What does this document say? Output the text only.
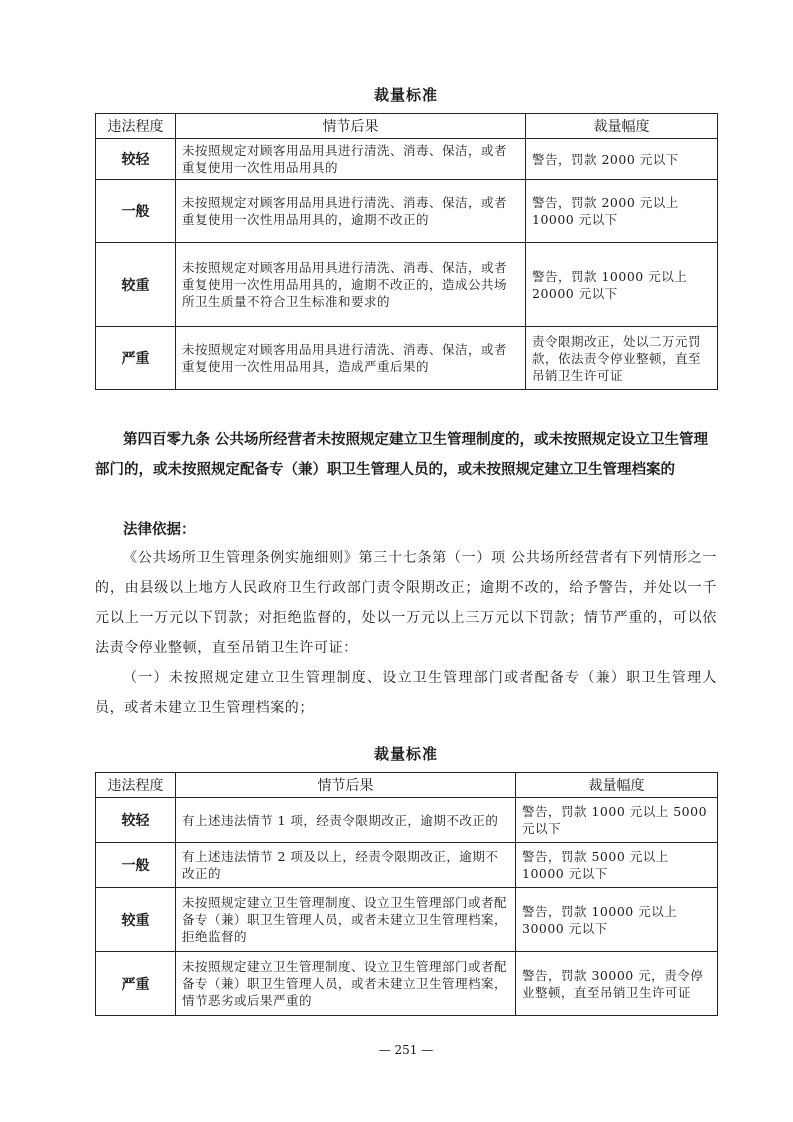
裁量标准
违法程度	情节后果	裁量幅度
较轻	未按照规定对顾客用品用具进行清洗、消毒、保洁，或者重复使用一次性用品用具的	警告，罚款 2000 元以下
一般	未按照规定对顾客用品用具进行清洗、消毒、保洁，或者重复使用一次性用品用具的，逾期不改正的	警告，罚款 2000 元以上 10000 元以下
较重	未按照规定对顾客用品用具进行清洗、消毒、保洁，或者重复使用一次性用品用具的，逾期不改正的，造成公共场所卫生质量不符合卫生标准和要求的	警告，罚款 10000 元以上 20000 元以下
严重	未按照规定对顾客用品用具进行清洗、消毒、保洁，或者重复使用一次性用品用具，造成严重后果的	责令限期改正，处以二万元罚款，依法责令停业整顿，直至吊销卫生许可证
第四百零九条 公共场所经营者未按照规定建立卫生管理制度的，或未按照规定设立卫生管理部门的，或未按照规定配备专（兼）职卫生管理人员的，或未按照规定建立卫生管理档案的
法律依据：
《公共场所卫生管理条例实施细则》第三十七条第（一）项 公共场所经营者有下列情形之一的，由县级以上地方人民政府卫生行政部门责令限期改正；逾期不改的，给予警告，并处以一千元以上一万元以下罚款；对拒绝监督的，处以一万元以上三万元以下罚款；情节严重的，可以依法责令停业整顿，直至吊销卫生许可证：
（一）未按照规定建立卫生管理制度、设立卫生管理部门或者配备专（兼）职卫生管理人员，或者未建立卫生管理档案的；
裁量标准
违法程度	情节后果	裁量幅度
较轻	有上述违法情节 1 项，经责令限期改正，逾期不改正的	警告，罚款 1000 元以上 5000 元以下
一般	有上述违法情节 2 项及以上，经责令限期改正，逾期不改正的	警告，罚款 5000 元以上 10000 元以下
较重	未按照规定建立卫生管理制度、设立卫生管理部门或者配备专（兼）职卫生管理人员，或者未建立卫生管理档案，拒绝监督的	警告，罚款 10000 元以上 30000 元以下
严重	未按照规定建立卫生管理制度、设立卫生管理部门或者配备专（兼）职卫生管理人员，或者未建立卫生管理档案，情节恶劣或后果严重的	警告，罚款 30000 元，责令停业整顿，直至吊销卫生许可证
— 251 —
